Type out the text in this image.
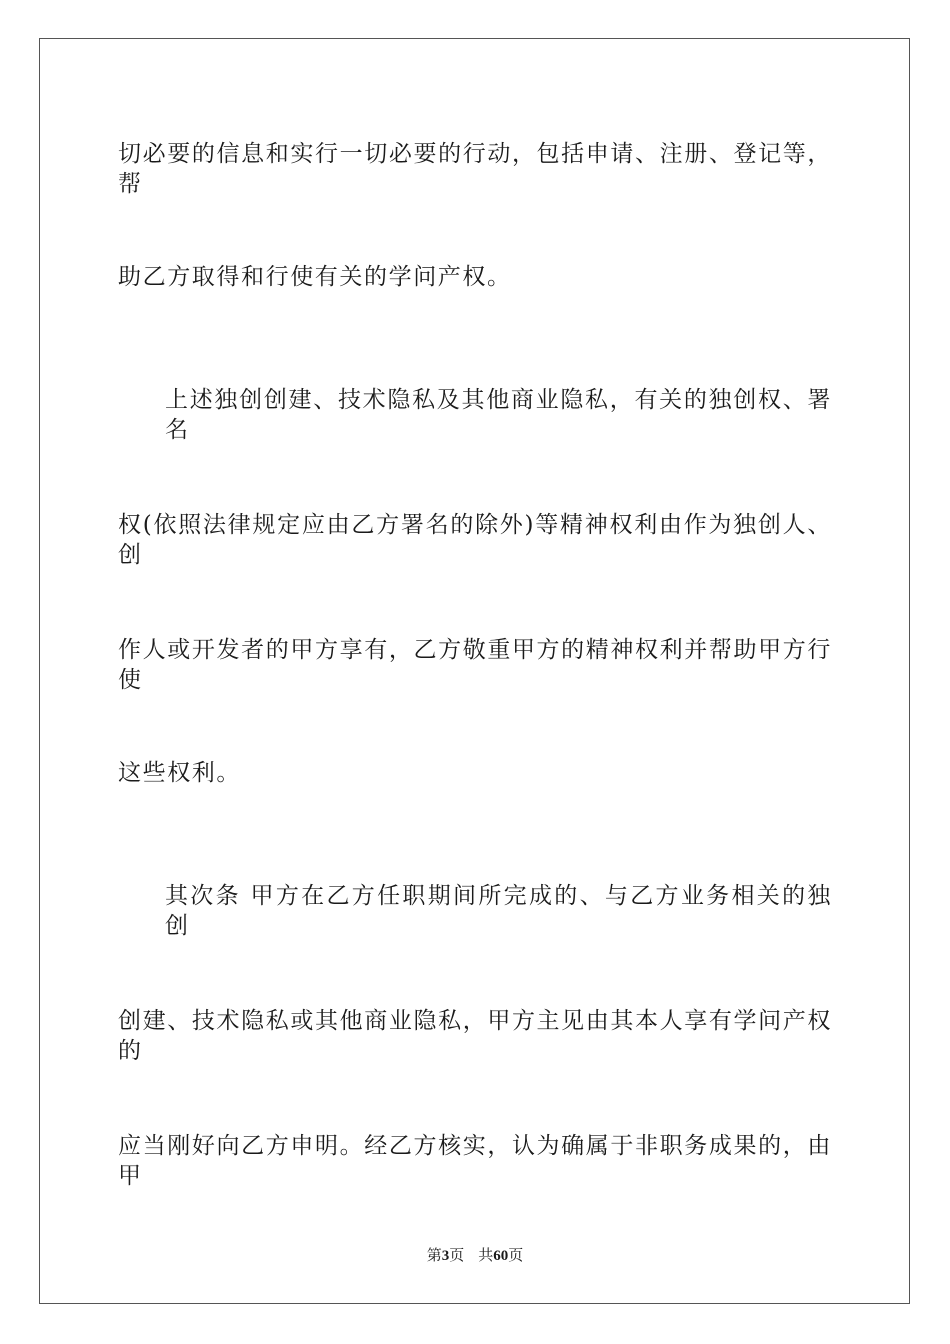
切必要的信息和实行一切必要的行动，包括申请、注册、登记等，帮
助乙方取得和行使有关的学问产权。
上述独创创建、技术隐私及其他商业隐私，有关的独创权、署名
权(依照法律规定应由乙方署名的除外)等精神权利由作为独创人、创
作人或开发者的甲方享有，乙方敬重甲方的精神权利并帮助甲方行使
这些权利。
其次条 甲方在乙方任职期间所完成的、与乙方业务相关的独创
创建、技术隐私或其他商业隐私，甲方主见由其本人享有学问产权的
应当刚好向乙方申明。经乙方核实，认为确属于非职务成果的，由甲
第3页 共60页
